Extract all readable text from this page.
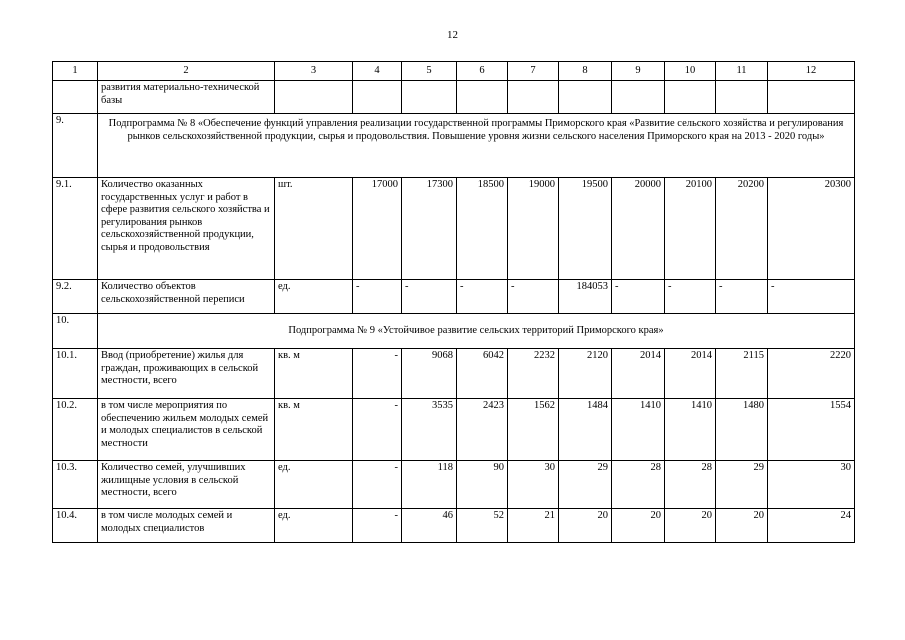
12
1	2	3	4	5	6	7	8	9	10	11	12
	развития материально-технической базы										
9.	Подпрограмма № 8 «Обеспечение функций управления реализации государственной программы Приморского края «Развитие сельского хозяйства и регулирования рынков сельскохозяйственной продукции, сырья и продовольствия. Повышение уровня жизни сельского населения Приморского края на 2013 - 2020 годы»										
9.1.	Количество оказанных государственных услуг и работ в сфере развития сельского хозяйства и регулирования рынков сельскохозяйственной продукции, сырья и продовольствия	шт.	17000	17300	18500	19000	19500	20000	20100	20200	20300
9.2.	Количество объектов сельскохозяйственной переписи	ед.	-	-	-	-	184053	-	-	-	-
10.	Подпрограмма № 9 «Устойчивое развитие сельских территорий Приморского края»										
10.1.	Ввод (приобретение) жилья для граждан, проживающих в сельской местности, всего	кв. м	-	9068	6042	2232	2120	2014	2014	2115	2220
10.2.	в том числе мероприятия по обеспечению жильем молодых семей и молодых специалистов в сельской местности	кв. м	-	3535	2423	1562	1484	1410	1410	1480	1554
10.3.	Количество семей, улучшивших жилищные условия в сельской местности, всего	ед.	-	118	90	30	29	28	28	29	30
10.4.	в том числе молодых семей и молодых специалистов	ед.	-	46	52	21	20	20	20	20	24
